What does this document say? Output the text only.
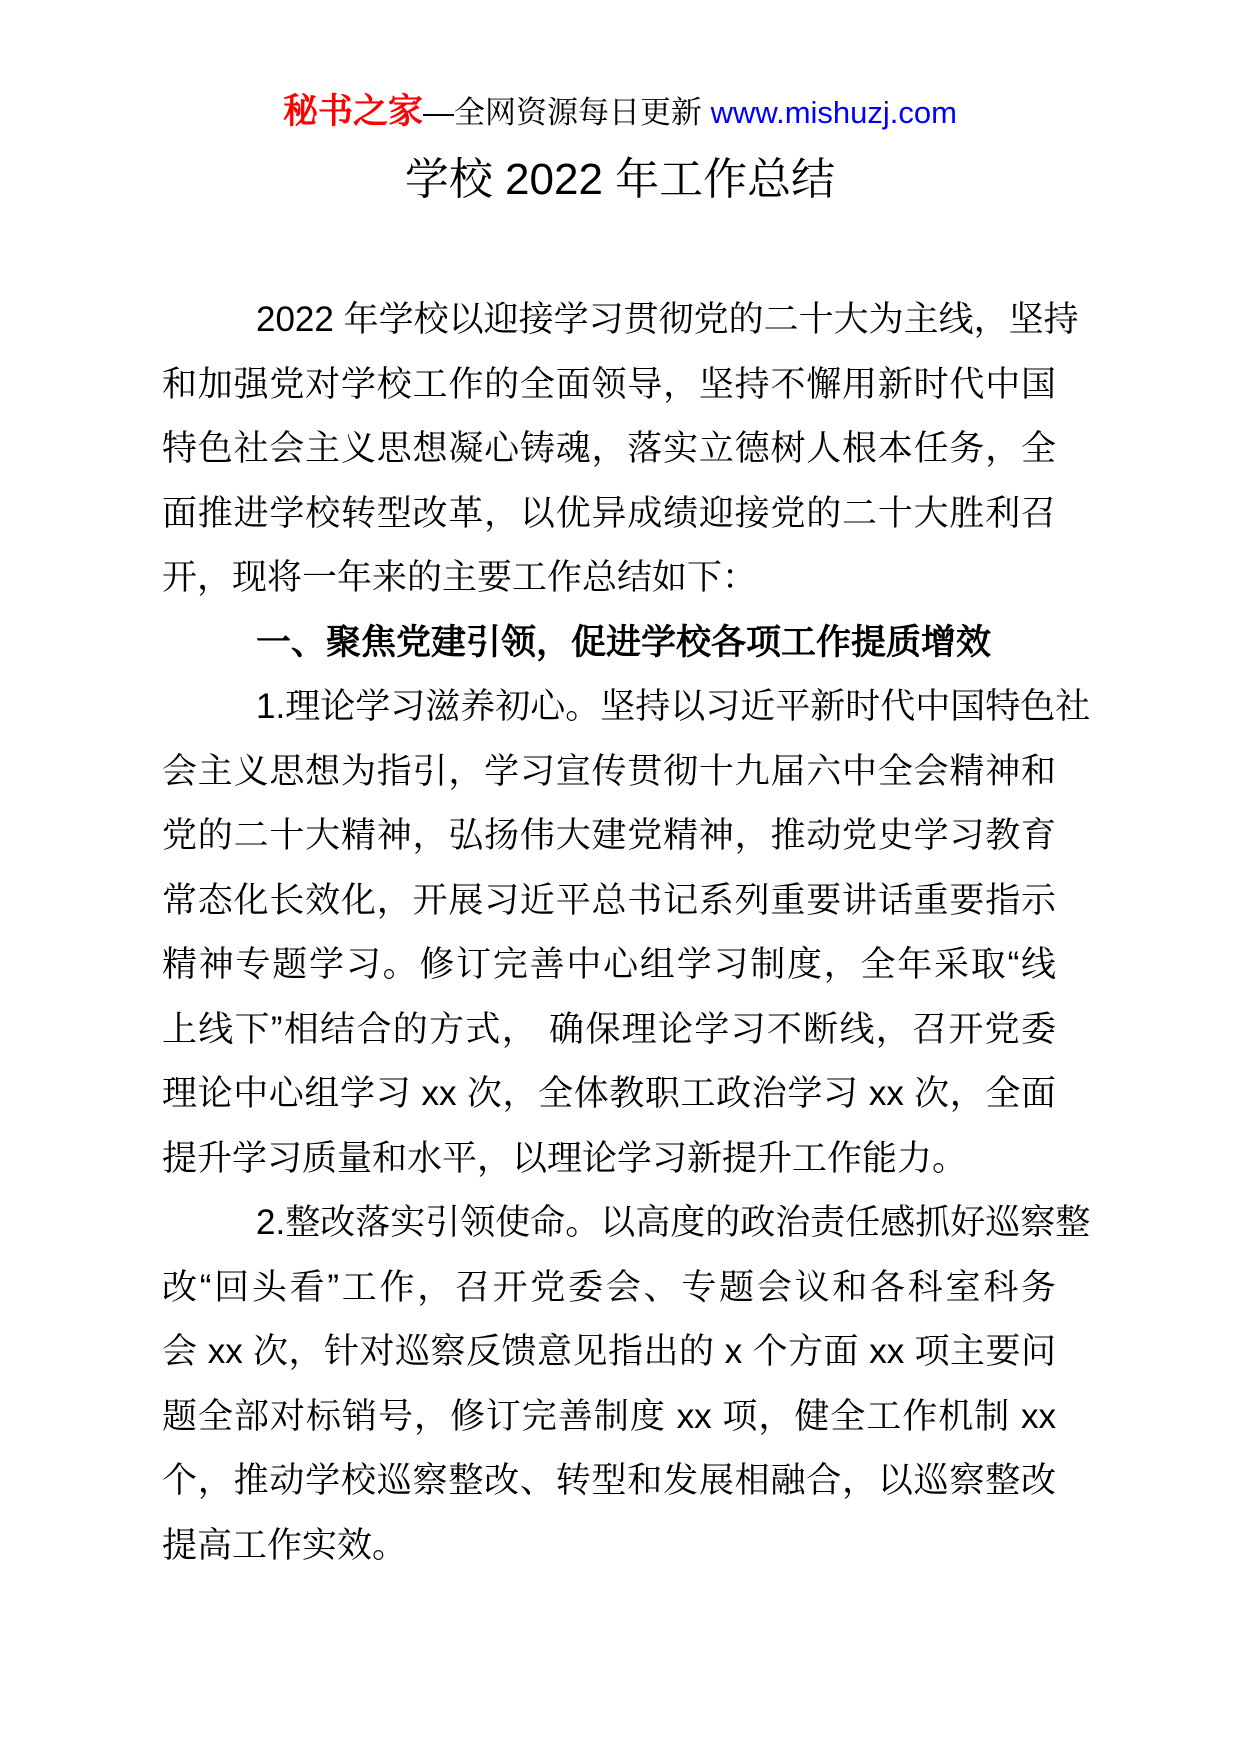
秘书之家—全网资源每日更新 www.mishuzj.com
学校 2022 年工作总结
2022 年学校以迎接学习贯彻党的二十大为主线，坚持
和加强党对学校工作的全面领导，坚持不懈用新时代中国
特色社会主义思想凝心铸魂，落实立德树人根本任务，全
面推进学校转型改革，以优异成绩迎接党的二十大胜利召
开，现将一年来的主要工作总结如下：
一、聚焦党建引领，促进学校各项工作提质增效
1.理论学习滋养初心。坚持以习近平新时代中国特色社
会主义思想为指引，学习宣传贯彻十九届六中全会精神和
党的二十大精神，弘扬伟大建党精神，推动党史学习教育
常态化长效化，开展习近平总书记系列重要讲话重要指示
精神专题学习。修订完善中心组学习制度，全年采取“线
上线下”相结合的方式， 确保理论学习不断线，召开党委
理论中心组学习 xx 次，全体教职工政治学习 xx 次，全面
提升学习质量和水平，以理论学习新提升工作能力。
2.整改落实引领使命。以高度的政治责任感抓好巡察整
改“回头看”工作，召开党委会、专题会议和各科室科务
会 xx 次，针对巡察反馈意见指出的 x 个方面 xx 项主要问
题全部对标销号，修订完善制度 xx 项，健全工作机制 xx
个，推动学校巡察整改、转型和发展相融合，以巡察整改
提高工作实效。
